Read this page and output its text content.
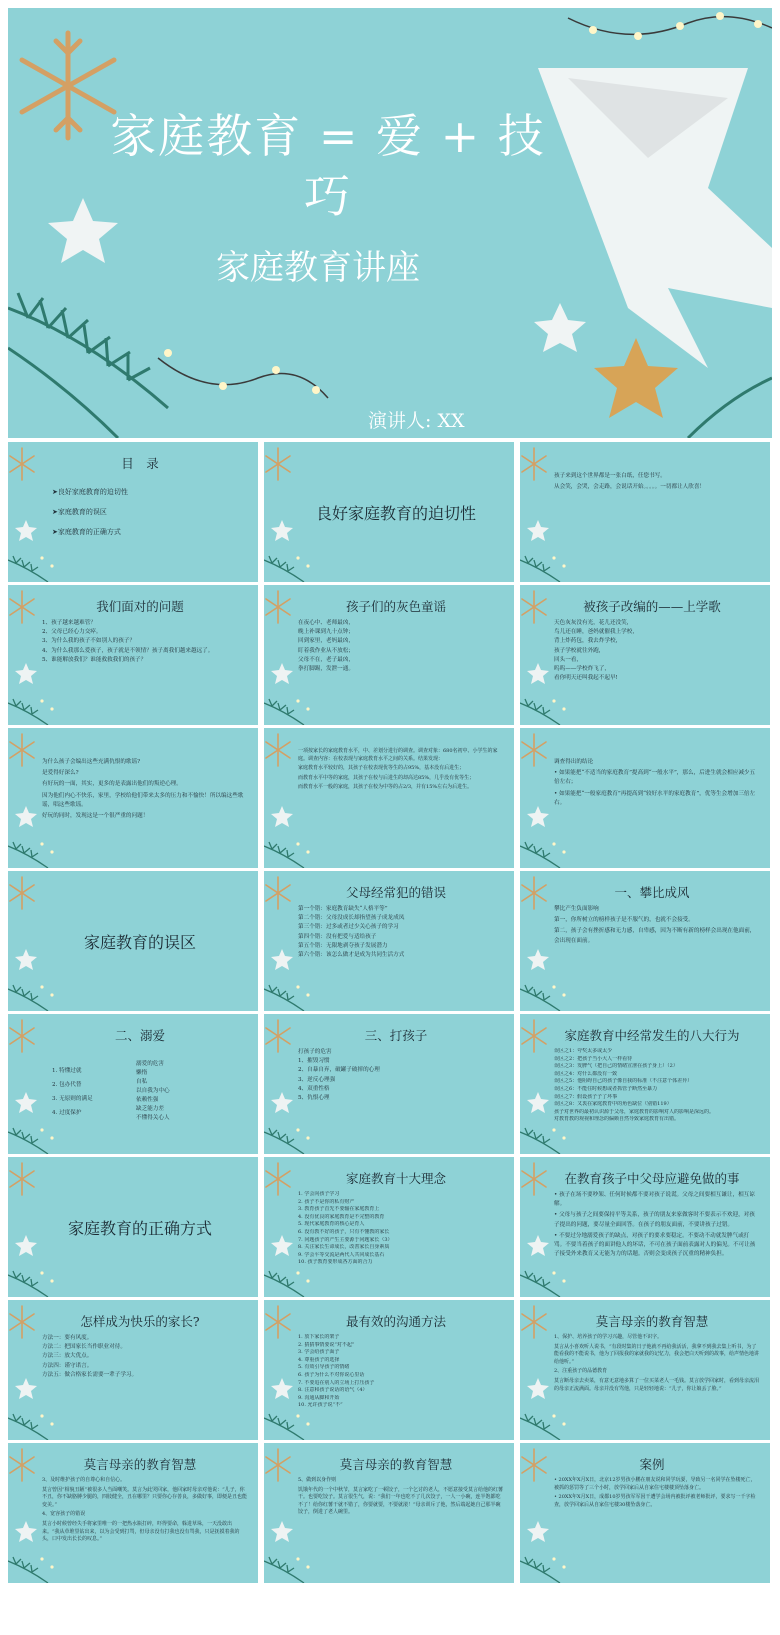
家庭教育 = 爱 + 技巧
家庭教育讲座
演讲人: XX
目　录
➤良好家庭教育的迫切性
➤家庭教育的误区
➤家庭教育的正确方式
良好家庭教育的迫切性
孩子来到这个世界都是一张白纸，任您书写。
从会笑，会哭，会走路，会说话开始。。。。。一切都让人欣喜！
我们面对的问题
1、孩子越来越难管？
2、父母已经心力交瘁。
3、为什么我的孩子不如别人的孩子？
4、为什么我那么爱孩子，孩子就是不领情？孩子离我们越来越远了。
5、谁能解放我们？谁能救救我们的孩子？
孩子们的灰色童谣
在夜心中、老师最凶，
晚上补课到九十点钟；
回到家里，老妈最凶，
盯着我作业从不放松；
父母不在，老子最凶，
拳打脚踢，发泄一通。
被孩子改编的——上学歌
天色灰灰没有光，花儿还没笑，
鸟儿还在睡，爸妈就催我上学校，
背上炸药包，我去炸学校，
孩子学校就往外跑，
回头一看，
呜呜——学校炸飞了，
看你明天还叫我起不起早!
为什么孩子会编出这些充满仇恨的歌谣?
是爱得好深么?
有好玩的一面，其实，更多的是表露出他们的叛逆心理。
因为他们内心不快乐，家里，学校给他们带来太多的压力和不愉快！所以编这些歌谣，唱这些歌谣。
好玩的同时，发现这是一个很严重的问题！
一项按家长的家庭教育水平，中、差划分进行的调查。调查对象：680名初中、小学生的家庭。调查内容：在校表现与家庭教育水平之间的关系。结果发现：
家庭教育水平较好的，其孩子在校表现优等生的占95%，基本没有后进生；
而教育水平中等的家庭，其孩子在校与后进生的却高达85%，几乎没有优等生；
而教育水平一般的家庭，其孩子在校为中等的占2/3，并有15%左右为后进生。
调查得出的结论
• 如果能把“不适当的家庭教育”提高到“一般水平”，那么，后进生就会相应减少五倍左右；
• 如果能把“一般家庭教育”再提高到“较好水平的家庭教育”，优等生会增加三倍左右。
家庭教育的误区
父母经常犯的错误
第一个错：家庭教育缺失“人格平等”
第二个错：父母没成长却指望孩子成龙成凤
第三个错：过多或者过少关心孩子的学习
第四个错：没有把爱与适给孩子
第五个错：无限地剥夺孩子发展潜力
第六个错：该怎么做才是成为共同生活方式
一、攀比成风
攀比产生负面影响
第一，你所树立的榜样孩子是不服气的，也就不会接受。
第二，孩子会有挫折感和无力感，自卑感，因为不断有新的榜样会出现在他面前，会出现在面前。
二、溺爱
1. 特懂过就
2. 包办代替
3. 无原则的满足
4. 过度保护
溺爱的危害
懒惰
自私
以自我为中心
依赖性强
缺乏能力差
不懂得关心人
三、打孩子
打孩子的危害
1、摧毁习惯
2、自暴自弃，破罐子破摔的心理
3、逆反心理强
4、双重性格
5、仇恨心理
家庭教育中经常发生的八大行为
误区之1：夸奖太多或太少
误区之2：把孩子当小大人一样看待
误区之3：发脾气（把自己的情绪宣泄在孩子身上）（2）
误区之4：对什么都没有一致
误区之5：他阻碍自己的孩子像自我的标准（不注意个体差异）
误区之6：不能住时候想或者抓管子断然至暴力
误区之7：假设孩子子了坏事
误区之8：又衷在家庭教育中的角色缺位（别错119）
孩子对世界的最初认识源于父母，家庭教育的影响对人的影响是深远的。
对教育教的观视和理念的偏颇自然导致家庭教育有出错。
家庭教育的正确方式
家庭教育十大理念
1. 学会向孩子学习
2. 孩子不是你的私有财产
3. 教育孩子首先不要输在家庭教育上
4. 没有优良的家庭教育是不完整的教育
5. 现代家庭教育的核心是育人
6. 没有教不好的孩子，只有不懂教的家长
7. 问题孩子的产生主要源于问题家长（3）
8. 关注家长生命成长，改善家长自身素质
9. 学会平等交流是两代人共同成长基石
10. 孩子教育要形成各方面的合力
在教育孩子中父母应避免做的事
• 孩子在场不要吵架、任何时候都不要对孩子说谎。父母之间要相互谦让，相互谅解。
• 父母与孩子之间要保持平等关系，孩子的朋友来家做客时不要表示不欢迎，对孩子提出的问题，要尽量全面回答。在孩子的朋友面前，不要讲孩子过错。
• 不要过分地溺爱孩子的缺点，对孩子的要求要稳定。不要动不动就发脾气或打骂。不要当着孩子的面讲他人的坏话，不可在孩子面前表露对人的偏见。不可让孩子接受外来教育又无能为力的话题。否则会变成孩子沉重的精神负担。
怎样成为快乐的家长?
方法一：要有风度。
方法二：把国家长当作职业对待。
方法三：放大优点。
方法四：谨守诺言。
方法五：做合格家长需要一辈子学习。
最有效的沟通方法
1. 放下家长的架子
2. 猜猜事情要说“对不起”
3. 学会给孩子面子
4. 尊重孩子的选择
5. 有效引导孩子的情绪
6. 孩子为什么不对你说心里话
7. 不要追在别人的立场上打压孩子
8. 注意和孩子说话的语气（4）
9. 沟通从脚和开始
10. 允许孩子说“不”
莫言母亲的教育智慧
1、保护、培养孩子的学习兴趣，尽管他不识字。
莫言从小喜欢听人说书，“有段时集的日子他就不再给我活活，我拿不到我去集上听书，为了能看我的不能说书，他为了回报我的家就我的记忆力，我会把白天听到的故事，给声情色地讲给他听。”
2、注重孩子的品德教育
莫言断母亲去卖菜，有意无意地多算了一位买菜老人一毛钱。莫言放学回家时，看到母亲流泪的母亲正流满面。母亲并没有骂他，只是轻轻地说：“儿子，你让娘丢了脸。”
莫言母亲的教育智慧
3、及时维护孩子的自尊心和自信心。
莫言曾因“相貌丑陋”被很多人当面嘲笑。莫言为此哭回家，他回家时母亲对他说：“儿子，你不丑，你不缺胳膊少腿的，四肢健全，丑在哪里？只要你心存善良，多做好事，即便是丑也能变美。”
4、宽容孩子的错误
莫言小时候曾经失手将家里唯一的一把热水瓶打碎，吓得要命，躲进草垛，一天没敢出来。“我从草堆里钻出来，以为会受到打骂，但母亲没有打我也没有骂我，只是抚摸着我的头，口中发出长长的叹息。”
莫言母亲的教育智慧
5、做到以身作则
饥饿年代的一个中秋节，莫言家吃了一顿饺子，一个乞讨的老人，不愿意接受莫言给他的红薯干。也要吃饺子。莫言很生气，说：“我们一年也吃不了几次饺子，一人一小碗，连半饱都吃不了！给你红薯干就不错了，你要就要，不要就滚！”母亲训斥了他，然后端起她自己那半碗饺子，倒进了老人碗里。
案例
• 20XX年X月X日，北京12岁男孩小鹏在朋友说和同学玩耍，导致另一名同学在坠楼死亡，被抓的惩罚等了三个小时，放学回家后从自家住宅楼楼顶坠落身亡。
• 20XX年X月X日，成都10岁男孩军军因干遭学会场内被批评被老师批评，要求写一千字检查，放学回家后从自家住宅楼30楼坠落身亡。
